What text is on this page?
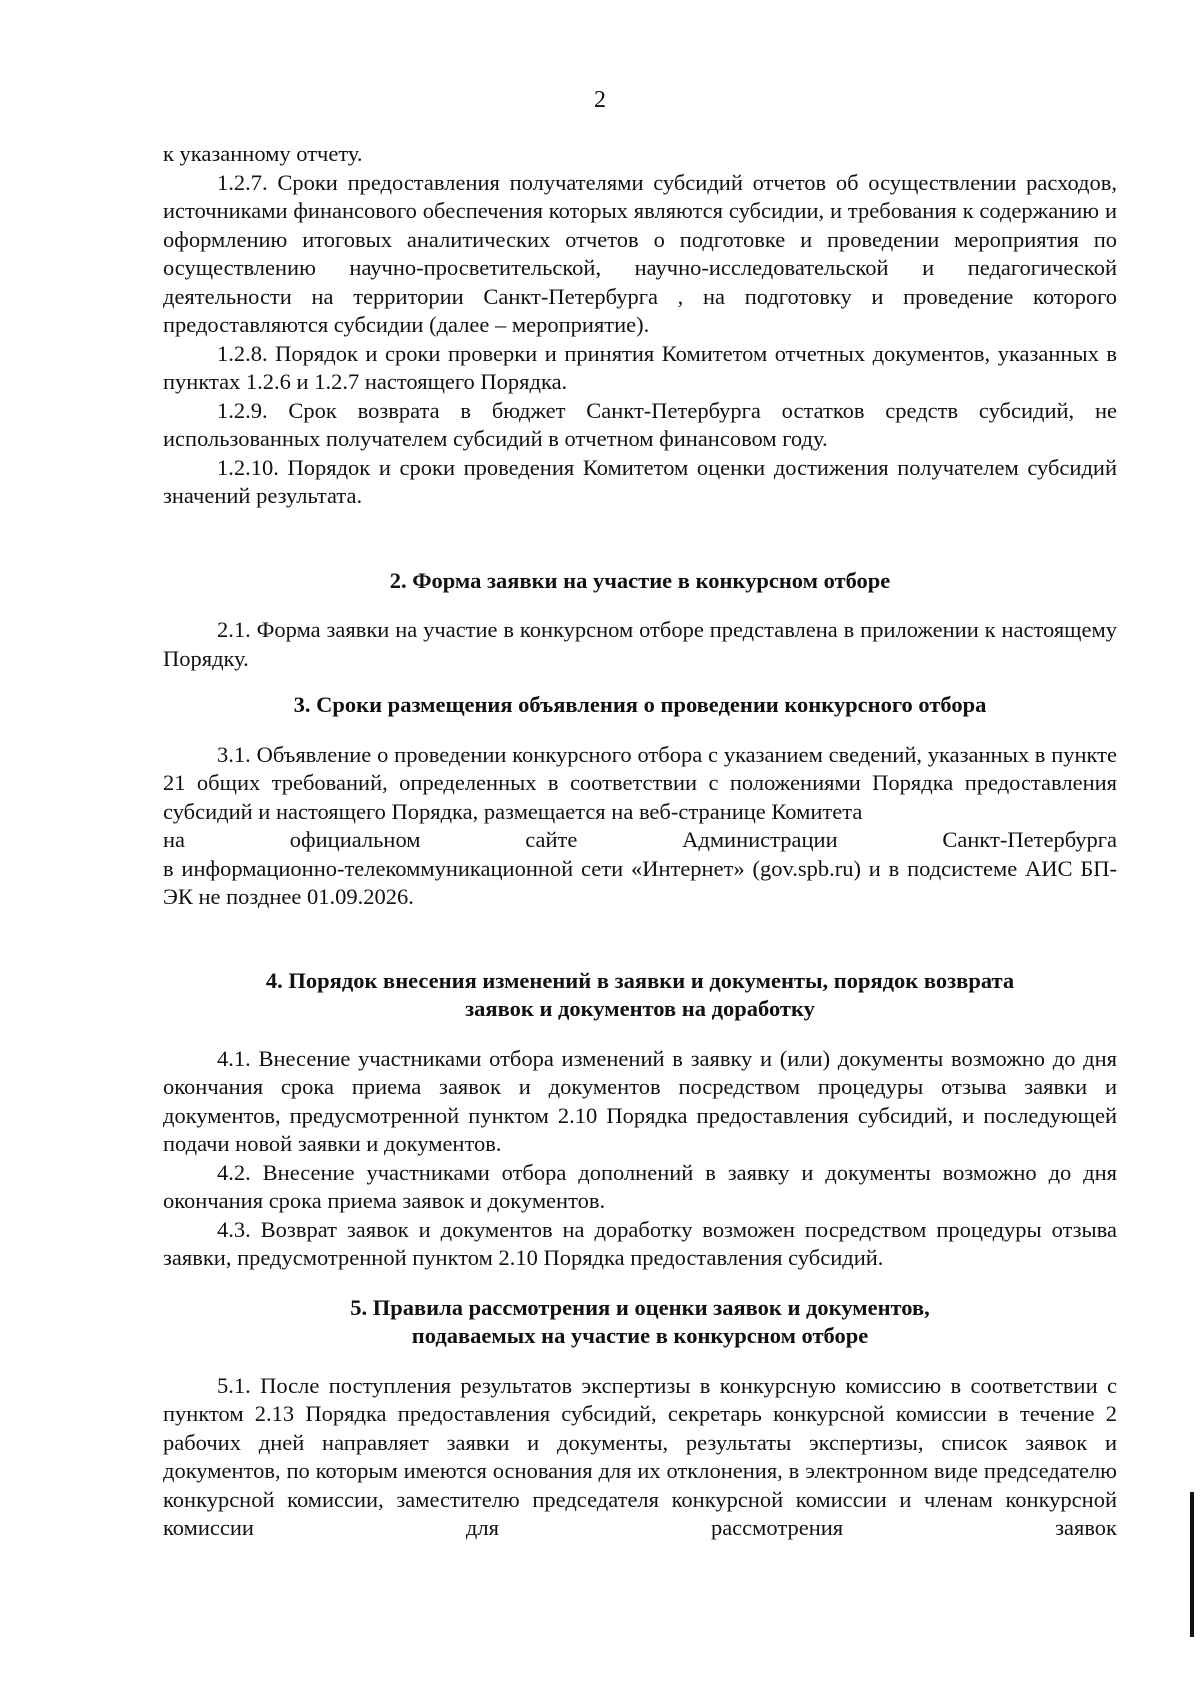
2

к указанному отчету.

1.2.7. Сроки предоставления получателями субсидий отчетов об осуществлении расходов, источниками финансового обеспечения которых являются субсидии, и требования к содержанию и оформлению итоговых аналитических отчетов о подготовке и проведении мероприятия по осуществлению научно-просветительской, научно-исследовательской и педагогической деятельности на территории Санкт-Петербурга , на подготовку и проведение которого предоставляются субсидии (далее – мероприятие).

1.2.8. Порядок и сроки проверки и принятия Комитетом отчетных документов, указанных в пунктах 1.2.6 и 1.2.7 настоящего Порядка.

1.2.9. Срок возврата в бюджет Санкт-Петербурга остатков средств субсидий, не использованных получателем субсидий в отчетном финансовом году.

1.2.10. Порядок и сроки проведения Комитетом оценки достижения получателем субсидий значений результата.

2. Форма заявки на участие в конкурсном отборе

2.1. Форма заявки на участие в конкурсном отборе представлена в приложении к настоящему Порядку.

3. Сроки размещения объявления о проведении конкурсного отбора

3.1. Объявление о проведении конкурсного отбора с указанием сведений, указанных в пункте 21 общих требований, определенных в соответствии с положениями Порядка предоставления субсидий и настоящего Порядка, размещается на веб-странице Комитета

на официальном сайте Администрации Санкт-Петербурга

в информационно-телекоммуникационной сети «Интернет» (gov.spb.ru) и в подсистеме АИС БП-ЭК не позднее 01.09.2026.

4. Порядок внесения изменений в заявки и документы, порядок возврата
заявок и документов на доработку

4.1. Внесение участниками отбора изменений в заявку и (или) документы возможно до дня окончания срока приема заявок и документов посредством процедуры отзыва заявки и документов, предусмотренной пунктом 2.10 Порядка предоставления субсидий, и последующей подачи новой заявки и документов.

4.2. Внесение участниками отбора дополнений в заявку и документы возможно до дня окончания срока приема заявок и документов.

4.3. Возврат заявок и документов на доработку возможен посредством процедуры отзыва заявки, предусмотренной пунктом 2.10 Порядка предоставления субсидий.

5. Правила рассмотрения и оценки заявок и документов,
подаваемых на участие в конкурсном отборе

5.1. После поступления результатов экспертизы в конкурсную комиссию в соответствии с пунктом 2.13 Порядка предоставления субсидий, секретарь конкурсной комиссии в течение 2 рабочих дней направляет заявки и документы, результаты экспертизы, список заявок и документов, по которым имеются основания для их отклонения, в электронном виде председателю конкурсной комиссии, заместителю председателя конкурсной комиссии и членам конкурсной комиссии для рассмотрения заявок
